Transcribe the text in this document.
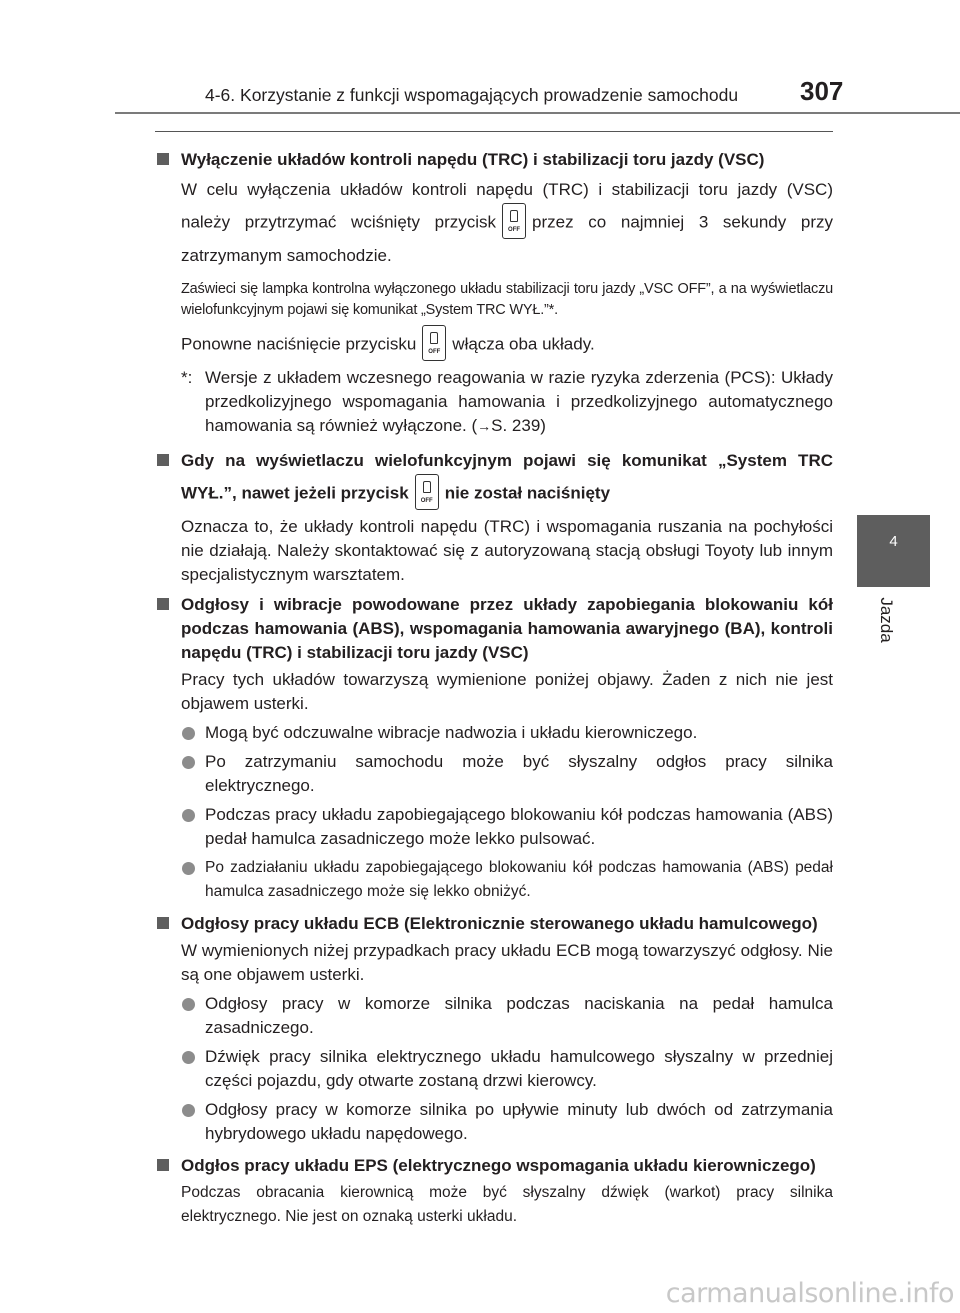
4-6. Korzystanie z funkcji wspomagających prowadzenie samochodu 307
4
Jazda
Wyłączenie układów kontroli napędu (TRC) i stabilizacji toru jazdy (VSC)
W celu wyłączenia układów kontroli napędu (TRC) i stabilizacji toru jazdy (VSC) należy przytrzymać wciśnięty przycisk	OFF przez co najmniej 3 sekundy przy zatrzymanym samochodzie.
Zaświeci się lampka kontrolna wyłączonego układu stabilizacji toru jazdy „VSC OFF”, a na wyświetlaczu wielofunkcyjnym pojawi się komunikat „System TRC WYŁ.”*.
Ponowne naciśnięcie przycisku	OFF włącza oba układy.
*: Wersje z układem wczesnego reagowania w razie ryzyka zderzenia (PCS): Układy przedkolizyjnego wspomagania hamowania i przedkolizyjnego automatycznego hamowania są również wyłączone. (→S. 239)
Gdy na wyświetlaczu wielofunkcyjnym pojawi się komunikat „System TRC WYŁ.”, nawet jeżeli przycisk	OFF nie został naciśnięty
Oznacza to, że układy kontroli napędu (TRC) i wspomagania ruszania na pochyłości nie działają. Należy skontaktować się z autoryzowaną stacją obsługi Toyoty lub innym specjalistycznym warsztatem.
Odgłosy i wibracje powodowane przez układy zapobiegania blokowaniu kół podczas hamowania (ABS), wspomagania hamowania awaryjnego (BA), kontroli napędu (TRC) i stabilizacji toru jazdy (VSC)
Pracy tych układów towarzyszą wymienione poniżej objawy. Żaden z nich nie jest objawem usterki.
Mogą być odczuwalne wibracje nadwozia i układu kierowniczego.
Po zatrzymaniu samochodu może być słyszalny odgłos pracy silnika elektrycznego.
Podczas pracy układu zapobiegającego blokowaniu kół podczas hamowania (ABS) pedał hamulca zasadniczego może lekko pulsować.
Po zadziałaniu układu zapobiegającego blokowaniu kół podczas hamowania (ABS) pedał hamulca zasadniczego może się lekko obniżyć.
Odgłosy pracy układu ECB (Elektronicznie sterowanego układu hamulcowego)
W wymienionych niżej przypadkach pracy układu ECB mogą towarzyszyć odgłosy. Nie są one objawem usterki.
Odgłosy pracy w komorze silnika podczas naciskania na pedał hamulca zasadniczego.
Dźwięk pracy silnika elektrycznego układu hamulcowego słyszalny w przedniej części pojazdu, gdy otwarte zostaną drzwi kierowcy.
Odgłosy pracy w komorze silnika po upływie minuty lub dwóch od zatrzymania hybrydowego układu napędowego.
Odgłos pracy układu EPS (elektrycznego wspomagania układu kierowniczego)
Podczas obracania kierownicą może być słyszalny dźwięk (warkot) pracy silnika elektrycznego. Nie jest on oznaką usterki układu.
carmanualsonline.info
